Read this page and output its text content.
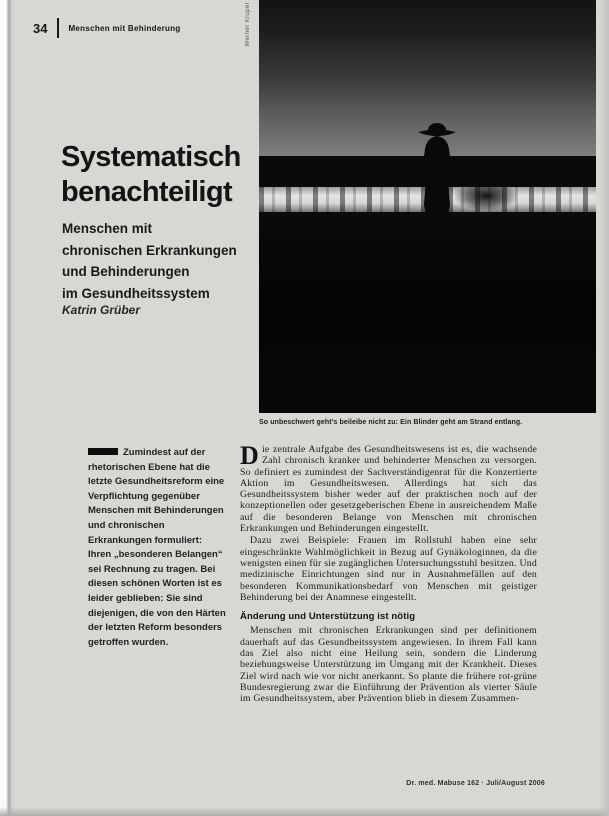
34	Menschen mit Behinderung
Systematisch
benachteiligt
Menschen mit
chronischen Erkrankungen
und Behinderungen
im Gesundheitssystem
Katrin Grüber
Zumindest auf der rhetorischen Ebene hat die letzte Gesundheitsreform eine Verpflichtung gegenüber Menschen mit Behinderungen und chronischen Erkrankungen formuliert: Ihren „besonderen Belangen“ sei Rechnung zu tragen. Bei diesen schönen Worten ist es leider geblieben: Sie sind diejenigen, die von den Härten der letzten Reform besonders getroffen wurden.
Werner Krüper
So unbeschwert geht’s beileibe nicht zu: Ein Blinder geht am Strand entlang.

Die zentrale Aufgabe des Gesundheitswesens ist es, die wachsende Zahl chronisch kranker und behinderter Menschen zu versorgen. So definiert es zumindest der Sachverständigenrat für die Konzertierte Aktion im Gesundheitswesen. Allerdings hat sich das Gesundheitssystem bisher weder auf der praktischen noch auf der konzeptionellen oder gesetzgeberischen Ebene in ausreichendem Maße auf die besonderen Belange von Menschen mit chronischen Erkrankungen und Behinderungen eingestellt.

Dazu zwei Beispiele: Frauen im Rollstuhl haben eine sehr eingeschränkte Wahlmöglichkeit in Bezug auf Gynäkologinnen, da die wenigsten einen für sie zugänglichen Untersuchungsstuhl besitzen. Und medizinische Einrichtungen sind nur in Ausnahmefällen auf den besonderen Kommunikationsbedarf von Menschen mit geistiger Behinderung bei der Anamnese eingestellt.

Änderung und Unterstützung ist nötig

Menschen mit chronischen Erkrankungen sind per definitionem dauerhaft auf das Gesundheitssystem angewiesen. In ihrem Fall kann das Ziel also nicht eine Heilung sein, sondern die Linderung beziehungsweise Unterstützung im Umgang mit der Krankheit. Dieses Ziel wird nach wie vor nicht anerkannt. So plante die frühere rot-grüne Bundesregierung zwar die Einführung der Prävention als vierter Säule im Gesundheitssystem, aber Prävention blieb in diesem Zusammen-

Dr. med. Mabuse 162 · Juli/August 2006
